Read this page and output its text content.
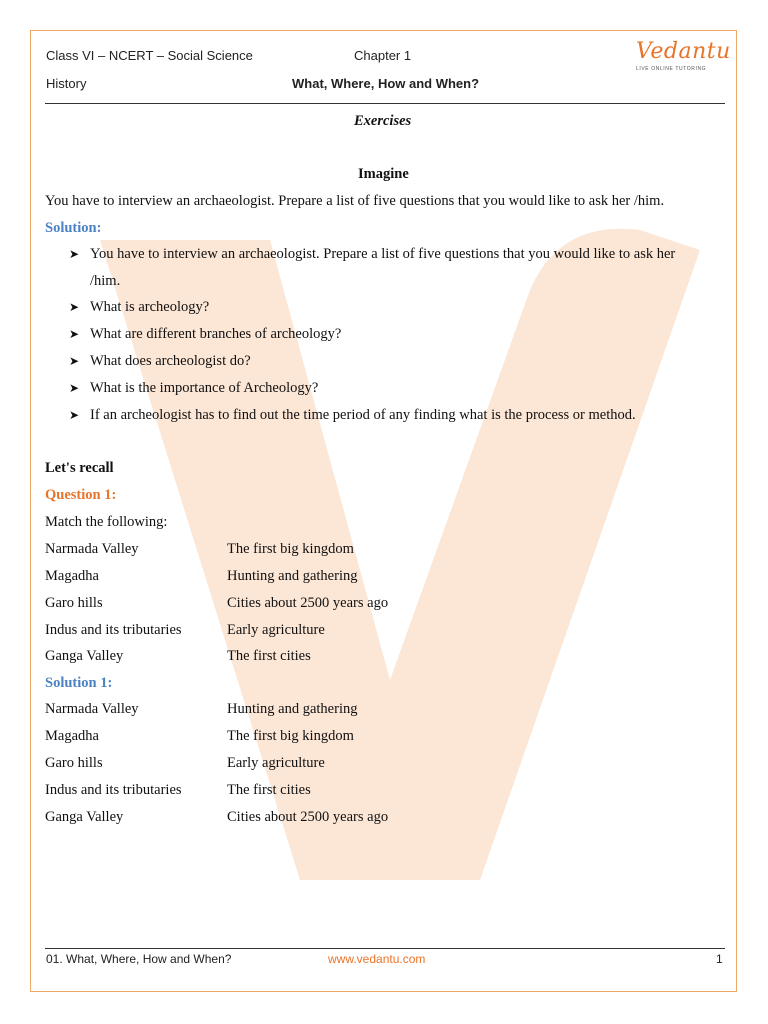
Class VI – NCERT – Social Science
History
Chapter 1
What, Where, How and When?
Vedantu
LIVE ONLINE TUTORING
Exercises
Imagine
You have to interview an archaeologist. Prepare a list of five questions that you would like to ask her /him.
Solution:
➤ You have to interview an archaeologist. Prepare a list of five questions that you would like to ask her
/him.
➤ What is archeology?
➤ What are different branches of archeology?
➤ What does archeologist do?
➤ What is the importance of Archeology?
➤ If an archeologist has to find out the time period of any finding what is the process or method.
Let's recall
Question 1:
Match the following:
Narmada Valley	The first big kingdom
Magadha	Hunting and gathering
Garo hills	Cities about 2500 years ago
Indus and its tributaries	Early agriculture
Ganga Valley	The first cities
Solution 1:
Narmada Valley	Hunting and gathering
Magadha	The first big kingdom
Garo hills	Early agriculture
Indus and its tributaries	The first cities
Ganga Valley	Cities about 2500 years ago
01. What, Where, How and When?	www.vedantu.com	1
